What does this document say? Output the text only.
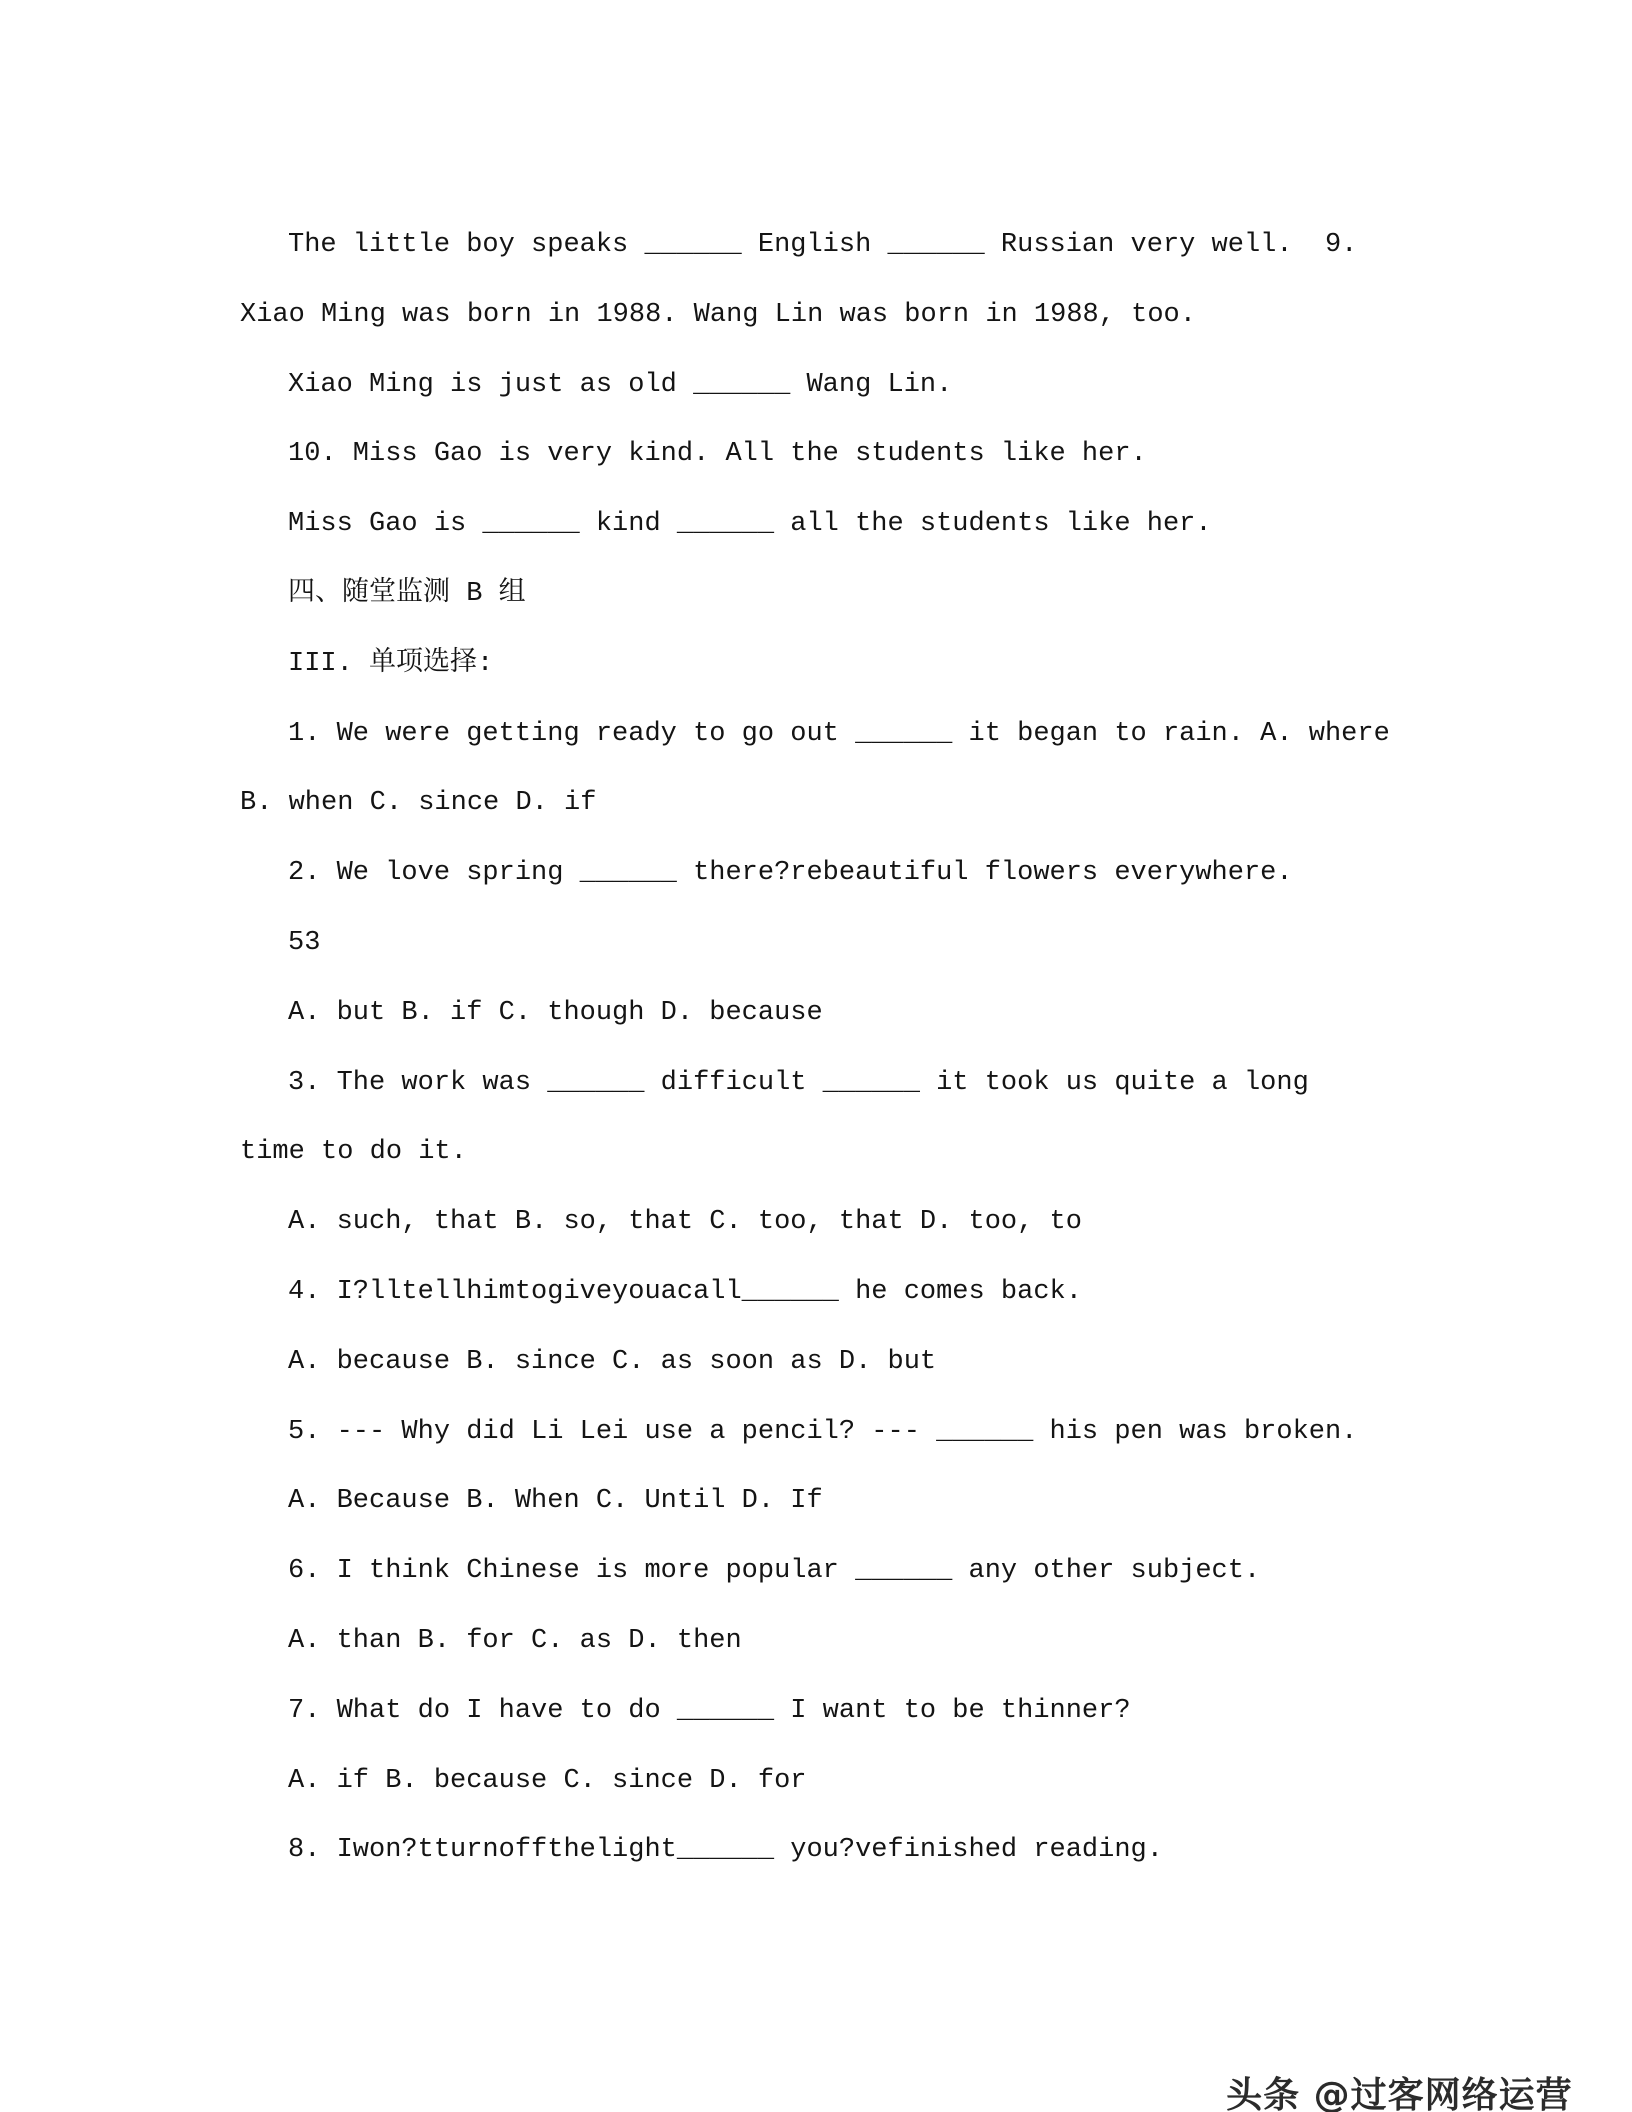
The little boy speaks ______ English ______ Russian very well.  9.
Xiao Ming was born in 1988. Wang Lin was born in 1988, too.
Xiao Ming is just as old ______ Wang Lin.
10. Miss Gao is very kind. All the students like her.
Miss Gao is ______ kind ______ all the students like her.
四、随堂监测 B 组
III. 单项选择:
1. We were getting ready to go out ______ it began to rain. A. where
B. when C. since D. if
2. We love spring ______ there?rebeautiful flowers everywhere.
53
A. but B. if C. though D. because
3. The work was ______ difficult ______ it took us quite a long
time to do it.
A. such, that B. so, that C. too, that D. too, to
4. I?lltellhimtogiveyouacall______ he comes back.
A. because B. since C. as soon as D. but
5. --- Why did Li Lei use a pencil? --- ______ his pen was broken.
A. Because B. When C. Until D. If
6. I think Chinese is more popular ______ any other subject.
A. than B. for C. as D. then
7. What do I have to do ______ I want to be thinner?
A. if B. because C. since D. for
8. Iwon?tturnoffthelight______ you?vefinished reading.

头条 @过客网络运营
